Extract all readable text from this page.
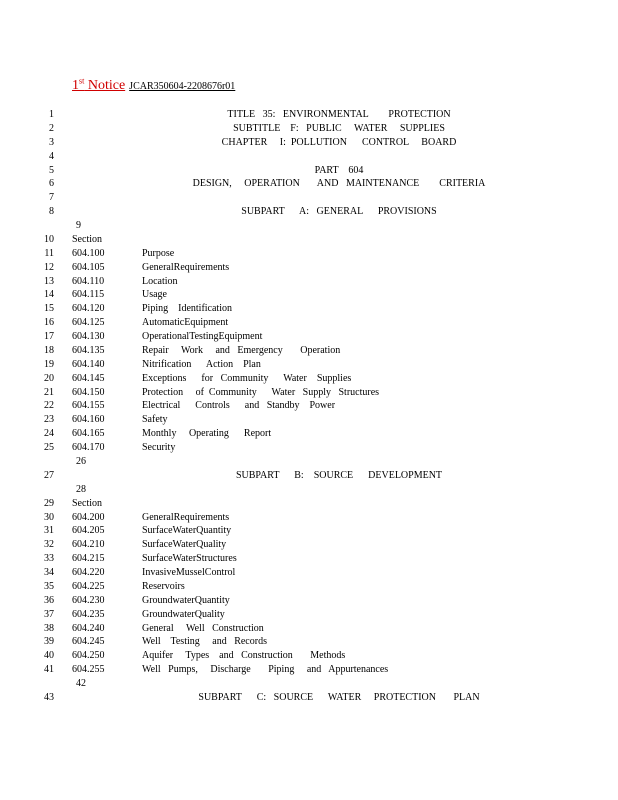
1st Notice JCAR350604-2208676r01
1	TITLE   35:   ENVIRONMENTAL        PROTECTION
2	SUBTITLE    F:   PUBLIC     WATER     SUPPLIES
3	CHAPTER     I:  POLLUTION      CONTROL     BOARD
4
5	PART    604
6	DESIGN,     OPERATION       AND   MAINTENANCE        CRITERIA
7
8	SUBPART      A:   GENERAL      PROVISIONS
9
10 Section
11 604.100	Purpose
12 604.105	GeneralRequirements
13 604.110	Location
14 604.115	Usage
15 604.120	Piping    Identification
16 604.125	AutomaticEquipment
17 604.130	OperationalTestingEquipment
18 604.135	Repair     Work     and   Emergency       Operation
19 604.140	Nitrification      Action    Plan
20 604.145	Exceptions      for   Community      Water    Supplies
21 604.150	Protection     of  Community      Water   Supply   Structures
22 604.155	Electrical      Controls      and   Standby    Power
23 604.160	Safety
24 604.165	Monthly     Operating      Report
25 604.170	Security
26
27	SUBPART      B:    SOURCE      DEVELOPMENT
28
29 Section
30 604.200	GeneralRequirements
31 604.205	SurfaceWaterQuantity
32 604.210	SurfaceWaterQuality
33 604.215	SurfaceWaterStructures
34 604.220	InvasiveMusselControl
35 604.225	Reservoirs
36 604.230	GroundwaterQuantity
37 604.235	GroundwaterQuality
38 604.240	General     Well   Construction
39 604.245	Well    Testing     and   Records
40 604.250	Aquifer     Types    and   Construction       Methods
41 604.255	Well   Pumps,     Discharge       Piping     and   Appurtenances
42
43	SUBPART      C:   SOURCE      WATER     PROTECTION       PLAN
